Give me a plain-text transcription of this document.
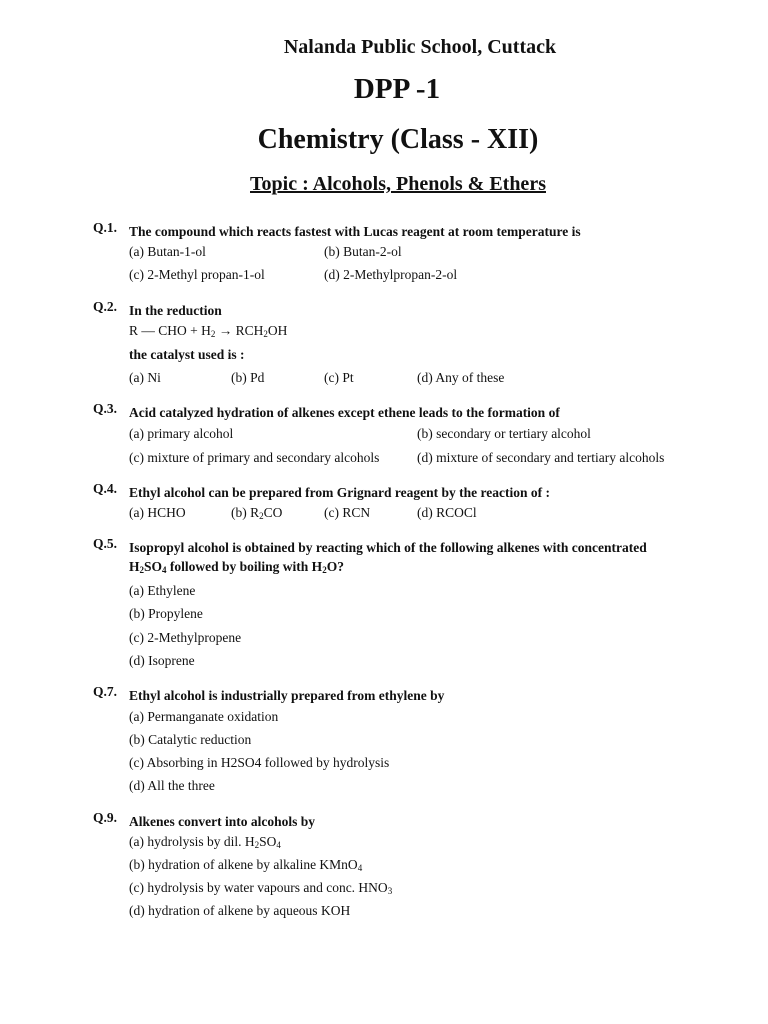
Nalanda Public School, Cuttack
DPP -1
Chemistry (Class - XII)
Topic : Alcohols, Phenols & Ethers
Q.1. The compound which reacts fastest with Lucas reagent at room temperature is
(a) Butan-1-ol	(b) Butan-2-ol
(c) 2-Methyl propan-1-ol	(d) 2-Methylpropan-2-ol
Q.2. In the reduction
R — CHO + $H_2 \to RCH_2OH$
the catalyst used is :
(a) Ni	(b) Pd	(c) Pt	(d) Any of these
Q.3. Acid catalyzed hydration of alkenes except ethene leads to the formation of
(a) primary alcohol	(b) secondary or tertiary alcohol
(c) mixture of primary and secondary alcohols	(d) mixture of secondary and tertiary alcohols
Q.4. Ethyl alcohol can be prepared from Grignard reagent by the reaction of :
(a) HCHO	(b) $R_2CO$	(c) RCN	(d) RCOCl
Q.5. Isopropyl alcohol is obtained by reacting which of the following alkenes with concentrated
$H_2SO_4$ followed by boiling with $H_2O$?
(a) Ethylene
(b) Propylene
(c) 2-Methylpropene
(d) Isoprene
Q.7. Ethyl alcohol is industrially prepared from ethylene by
(a) Permanganate oxidation
(b) Catalytic reduction
(c) Absorbing in H2SO4 followed by hydrolysis
(d) All the three
Q.9. Alkenes convert into alcohols by
(a) hydrolysis by dil. $H_2SO_4$
(b) hydration of alkene by alkaline KMnO$_4$
(c) hydrolysis by water vapours and conc. $HNO_3$
(d) hydration of alkene by aqueous KOH
